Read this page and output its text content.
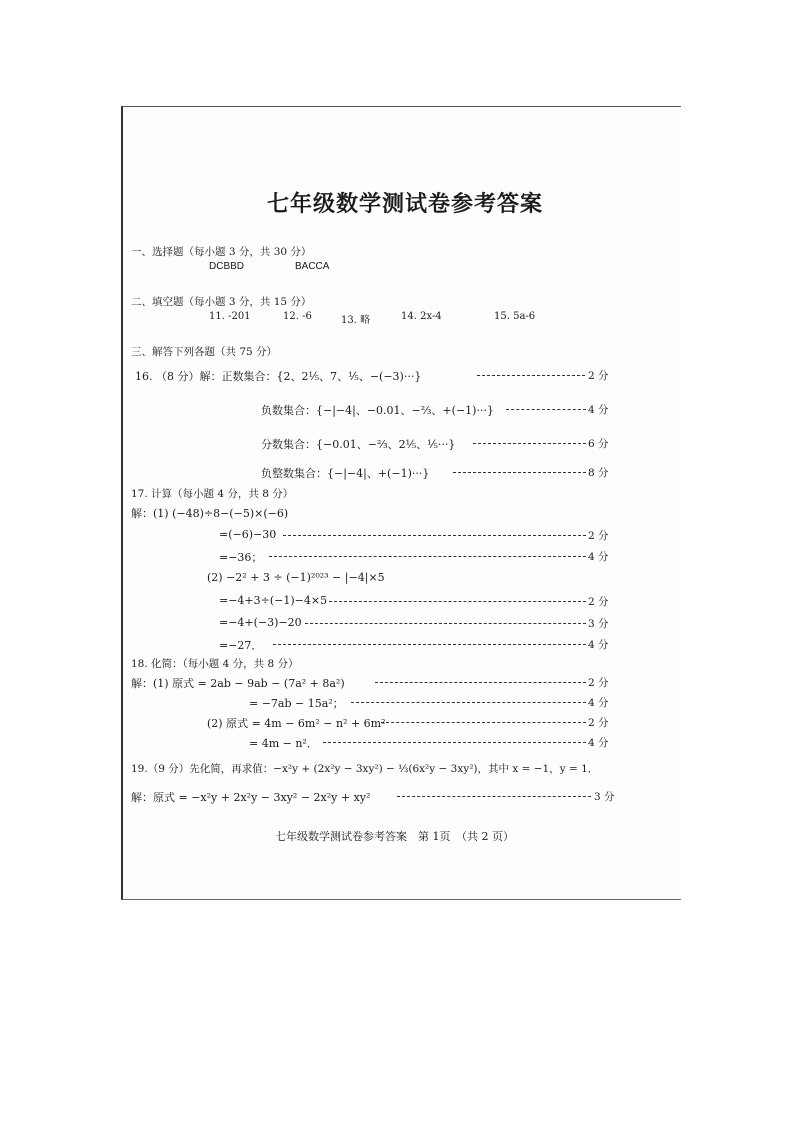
七年级数学测试卷参考答案
一、选择题（每小题 3 分，共 30 分）
DCBBD	BACCA
二、填空题（每小题 3 分，共 15 分）
11. -201	12. -6	13. 略	14. 2x-4	15. 5a-6
三、解答下列各题（共 75 分）
16. （8 分）解：正数集合：{2、2⅕、7、⅕、−(−3)···}	2 分
负数集合：{−|−4|、−0.01、−⅔、+(−1)···}	4 分
分数集合：{−0.01、−⅔、2⅕、⅕···}	6 分
负整数集合：{−|−4|、+(−1)···}	8 分
17. 计算（每小题 4 分，共 8 分）
解：(1) (−48)÷8−(−5)×(−6)
=(−6)−30	2 分
=−36；	4 分
(2) −2² + 3 ÷ (−1)²⁰²³ − |−4|×5
=−4+3÷(−1)−4×5	2 分
=−4+(−3)−20	3 分
=−27．	4 分
18. 化简：（每小题 4 分，共 8 分）
解：(1) 原式 = 2ab − 9ab − (7a² + 8a²)	2 分
= −7ab − 15a²；	4 分
(2) 原式 = 4m − 6m² − n² + 6m²	2 分
= 4m − n²．	4 分
19.（9 分）先化简，再求值：−x²y + (2x²y − 3xy²) − ⅓(6x²y − 3xy²)，其中 x = −1，y = 1．
解：原式 = −x²y + 2x²y − 3xy² − 2x²y + xy²	3 分
七年级数学测试卷参考答案　第 1页　（共 2 页）
